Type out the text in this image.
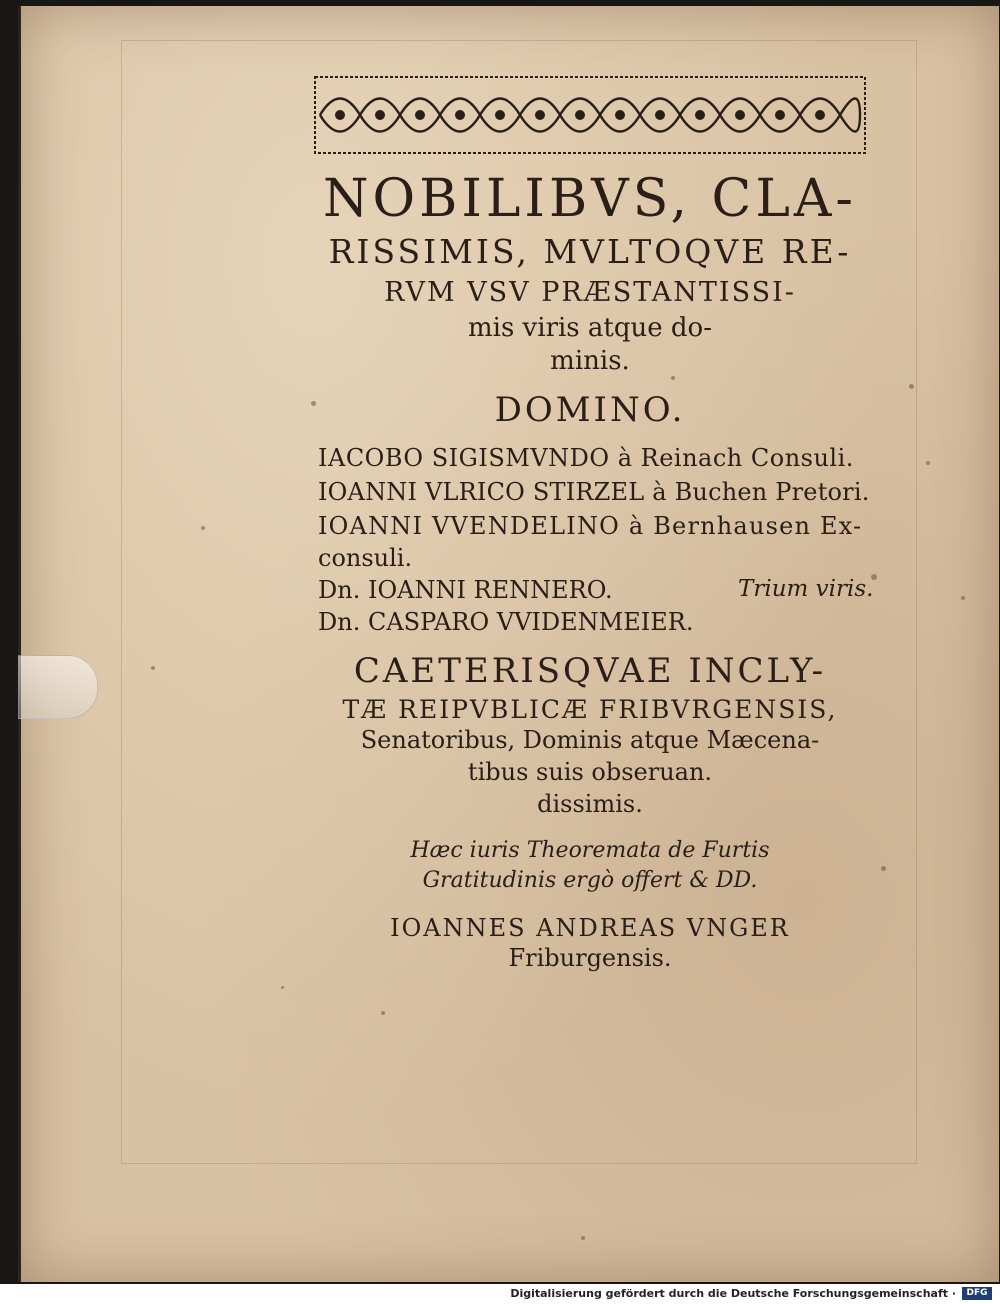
NOBILIBVS, CLA-
RISSIMIS, MVLTOQVE RE-
RVM VSV PRÆSTANTISSI-
mis viris atque do-
minis.
DOMINO.
IACOBO SIGISMVNDO à Reinach Consuli.
IOANNI VLRICO STIRZEL à Buchen Pretori.
IOANNI VVENDELINO à Bernhausen Ex-
consuli.
Dn. IOANNI RENNERO.
Dn. CASPARO VVIDENMEIER.
Trium viris.
CAETERISQVAE INCLY-
TÆ REIPVBLICÆ FRIBVRGENSIS,
Senatoribus, Dominis atque Mæcena-
tibus suis obseruan.
dissimis.
Hæc iuris Theoremata de Furtis
Gratitudinis ergò offert & DD.
IOANNES ANDREAS VNGER
Friburgensis.
Digitalisierung gefördert durch die Deutsche Forschungsgemeinschaft ·	DFG
